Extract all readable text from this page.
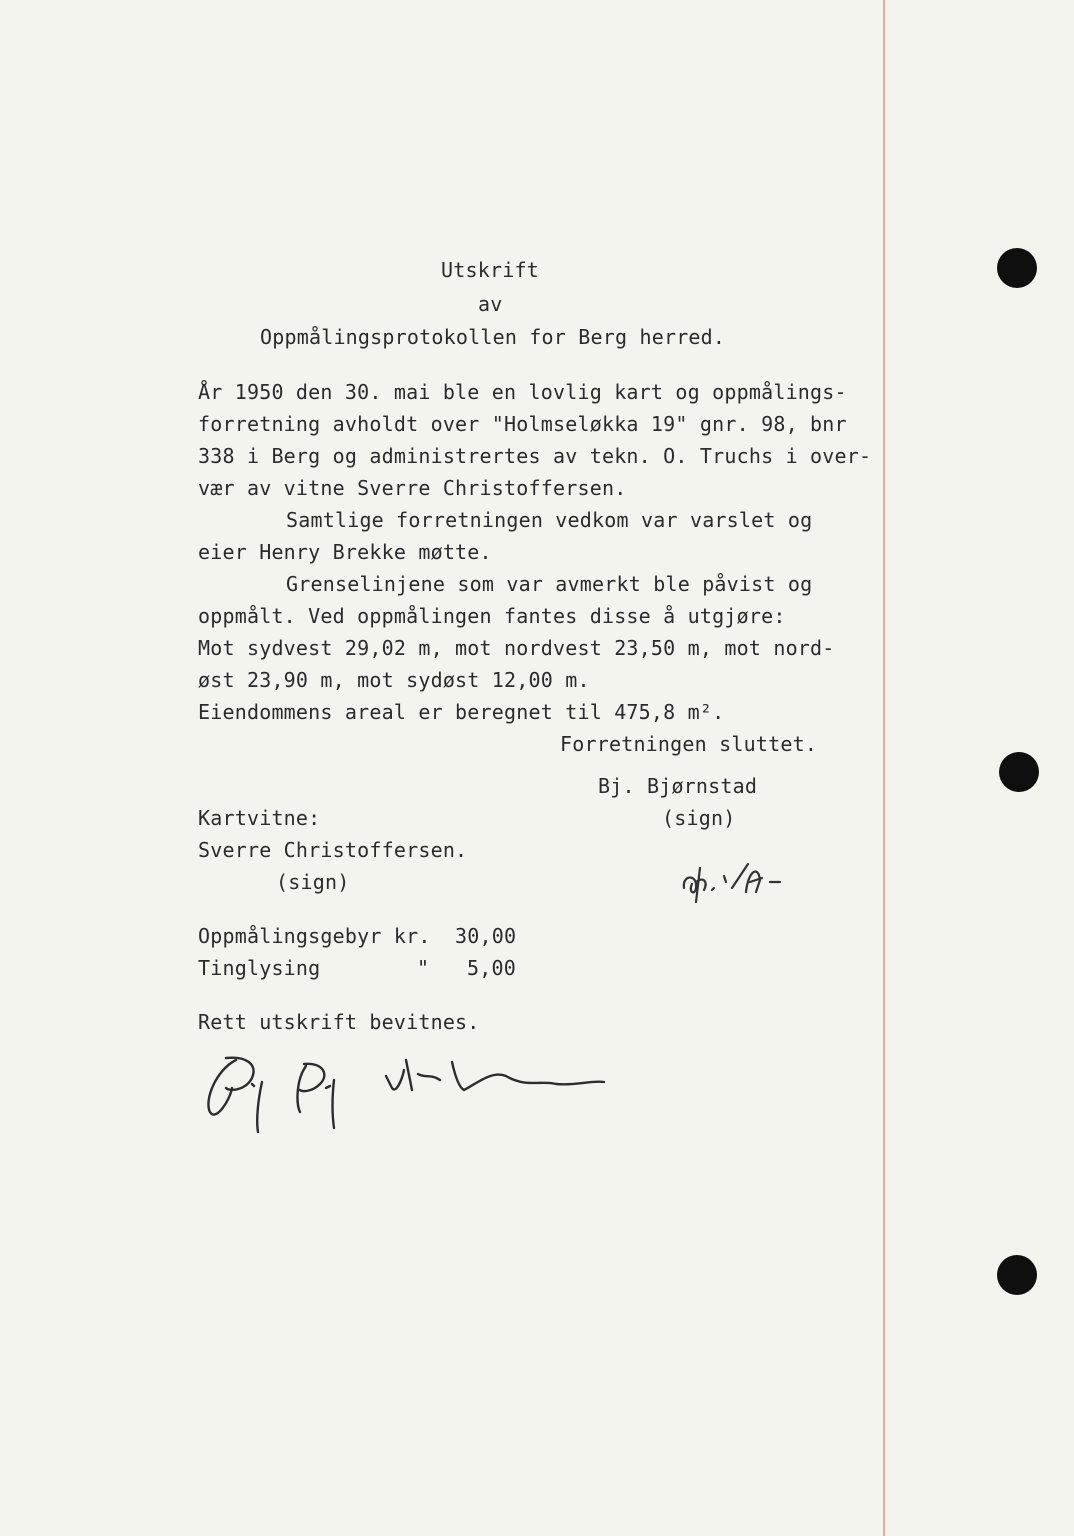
Utskrift
av
Oppmålingsprotokollen for Berg herred.
År 1950 den 30. mai ble en lovlig kart og oppmålings-
forretning avholdt over "Holmseløkka 19" gnr. 98, bnr
338 i Berg og administrertes av tekn. O. Truchs i over-
vær av vitne Sverre Christoffersen.
Samtlige forretningen vedkom var varslet og
eier Henry Brekke møtte.
Grenselinjene som var avmerkt ble påvist og
oppmålt. Ved oppmålingen fantes disse å utgjøre:
Mot sydvest 29,02 m, mot nordvest 23,50 m, mot nord-
øst 23,90 m, mot sydøst 12,00 m.
Eiendommens areal er beregnet til 475,8 m².
Forretningen sluttet.
Bj. Bjørnstad
Kartvitne:	(sign)
Sverre Christoffersen.
(sign)
Oppmålingsgebyr kr. 30,00
Tinglysing	" 5,00
Rett utskrift bevitnes.
